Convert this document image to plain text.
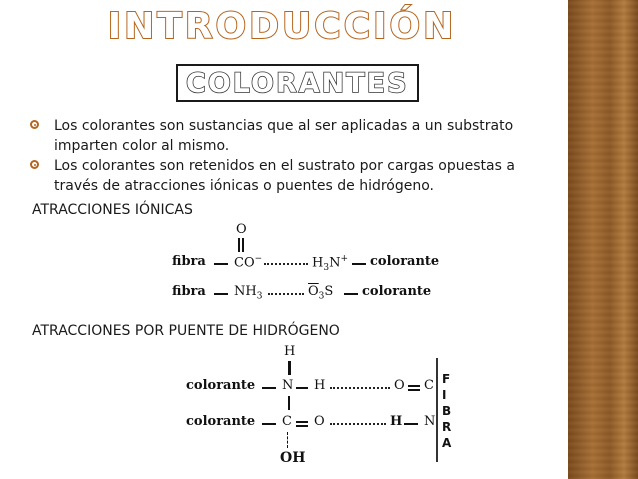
INTRODUCCIÓN
COLORANTES
Los colorantes son sustancias que al ser aplicadas a un substrato imparten color al mismo.
Los colorantes son retenidos en el sustrato por cargas opuestas a través de atracciones iónicas o puentes de hidrógeno.
ATRACCIONES IÓNICAS
O
fibra CO−	$H_3N^+$ colorante
fibra $NH_3$	$\overline{O}_3S$ colorante
ATRACCIONES POR PUENTE DE HIDRÓGENO
H
colorante N H	O C
colorante C O	H N
OH
F
I
B
R
A
